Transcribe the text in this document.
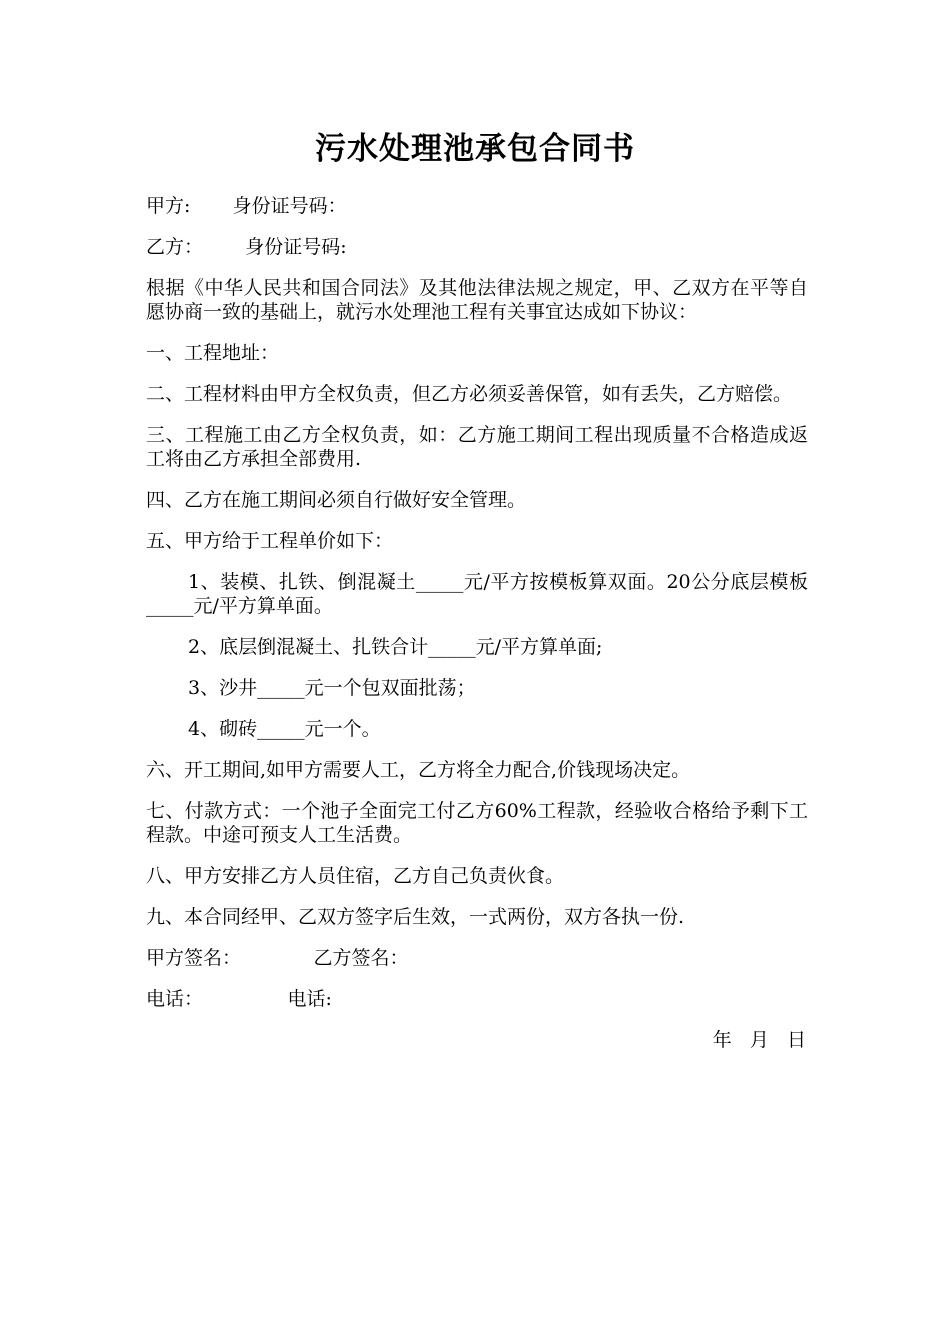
污水处理池承包合同书
甲方:       身份证号码：
乙方：       身份证号码:
根据《中华人民共和国合同法》及其他法律法规之规定，甲、乙双方在平等自愿协商一致的基础上，就污水处理池工程有关事宜达成如下协议：
一、工程地址：
二、工程材料由甲方全权负责，但乙方必须妥善保管，如有丢失，乙方赔偿。
三、工程施工由乙方全权负责，如：乙方施工期间工程出现质量不合格造成返工将由乙方承担全部费用.
四、乙方在施工期间必须自行做好安全管理。
五、甲方给于工程单价如下：
1、装模、扎铁、倒混凝土_____元/平方按模板算双面。20公分底层模板_____元/平方算单面。
2、底层倒混凝土、扎铁合计_____元/平方算单面;
3、沙井_____元一个包双面批荡；
4、砌砖_____元一个。
六、开工期间,如甲方需要人工，乙方将全力配合,价钱现场决定。
七、付款方式：一个池子全面完工付乙方60%工程款，经验收合格给予剩下工程款。中途可预支人工生活费。
八、甲方安排乙方人员住宿，乙方自己负责伙食。
九、本合同经甲、乙双方签字后生效，一式两份，双方各执一份.
甲方签名：            乙方签名：
电话：              电话:
年   月   日
